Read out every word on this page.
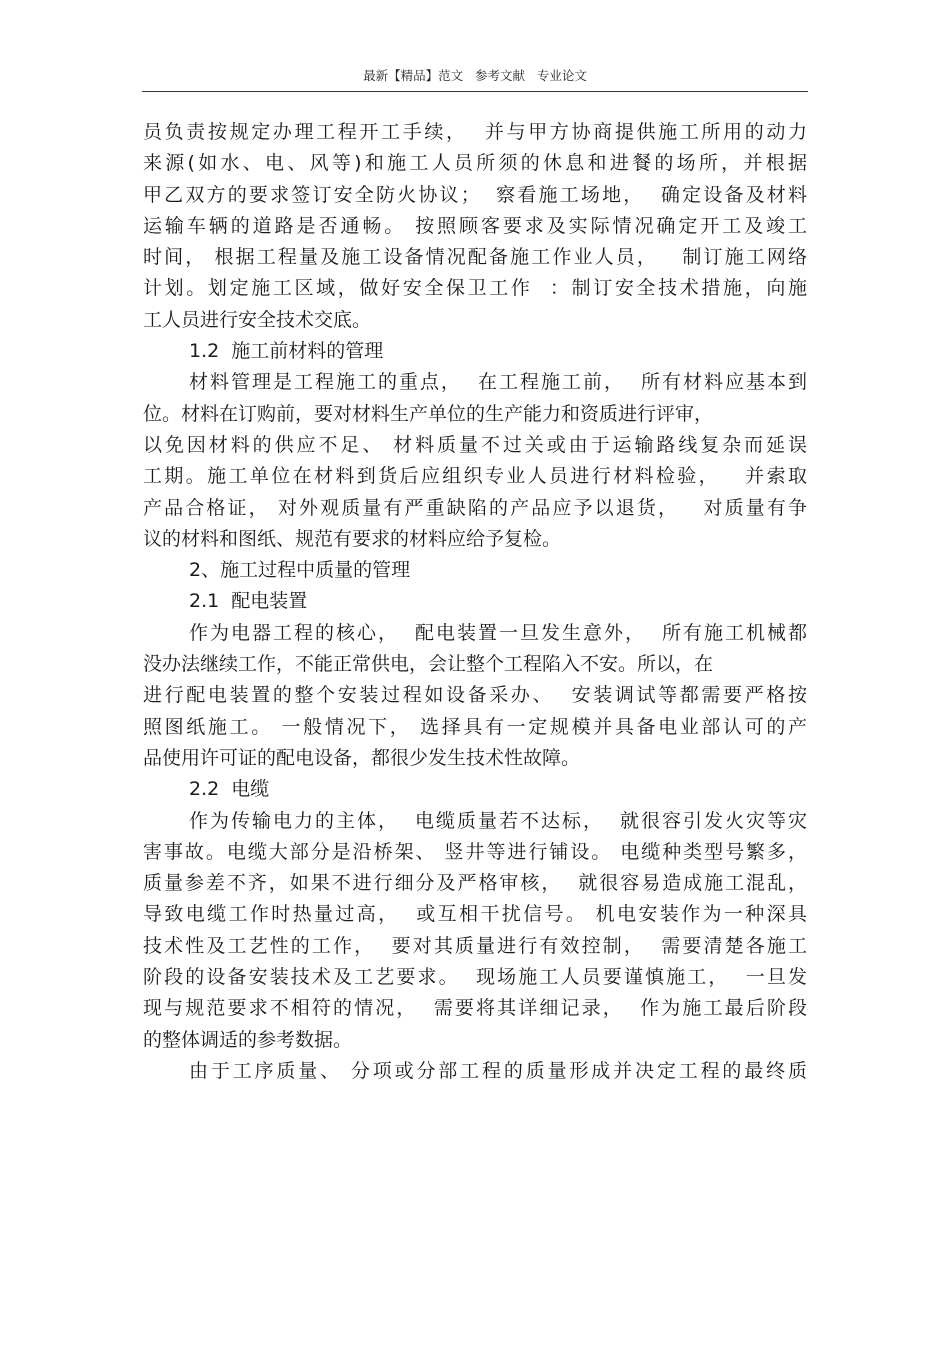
最新【精品】范文   参考文献   专业论文
员负责按规定办理工程开工手续，  并与甲方协商提供施工所用的动力
来源(如水、电、风等)和施工人员所须的休息和进餐的场所，并根据
甲乙双方的要求签订安全防火协议；  察看施工场地，  确定设备及材料
运输车辆的道路是否通畅。 按照顾客要求及实际情况确定开工及竣工
时间， 根据工程量及施工设备情况配备施工作业人员，   制订施工网络
计划。划定施工区域，做好安全保卫工作  ：制订安全技术措施，向施
工人员进行安全技术交底。
1.2  施工前材料的管理
材料管理是工程施工的重点，  在工程施工前，  所有材料应基本到
位。材料在订购前，要对材料生产单位的生产能力和资质进行评审，
以免因材料的供应不足、 材料质量不过关或由于运输路线复杂而延误
工期。施工单位在材料到货后应组织专业人员进行材料检验，   并索取
产品合格证， 对外观质量有严重缺陷的产品应予以退货，   对质量有争
议的材料和图纸、规范有要求的材料应给予复检。
2、施工过程中质量的管理
2.1  配电装置
作为电器工程的核心，  配电装置一旦发生意外，  所有施工机械都
没办法继续工作，不能正常供电，会让整个工程陷入不安。所以，在
进行配电装置的整个安装过程如设备采办、  安装调试等都需要严格按
照图纸施工。 一般情况下， 选择具有一定规模并具备电业部认可的产
品使用许可证的配电设备，都很少发生技术性故障。
2.2  电缆
作为传输电力的主体，  电缆质量若不达标，  就很容引发火灾等灾
害事故。电缆大部分是沿桥架、 竖井等进行铺设。 电缆种类型号繁多，
质量参差不齐，如果不进行细分及严格审核，  就很容易造成施工混乱，
导致电缆工作时热量过高，  或互相干扰信号。 机电安装作为一种深具
技术性及工艺性的工作，  要对其质量进行有效控制，  需要清楚各施工
阶段的设备安装技术及工艺要求。  现场施工人员要谨慎施工，  一旦发
现与规范要求不相符的情况，  需要将其详细记录，  作为施工最后阶段
的整体调适的参考数据。
由于工序质量、 分项或分部工程的质量形成并决定工程的最终质
